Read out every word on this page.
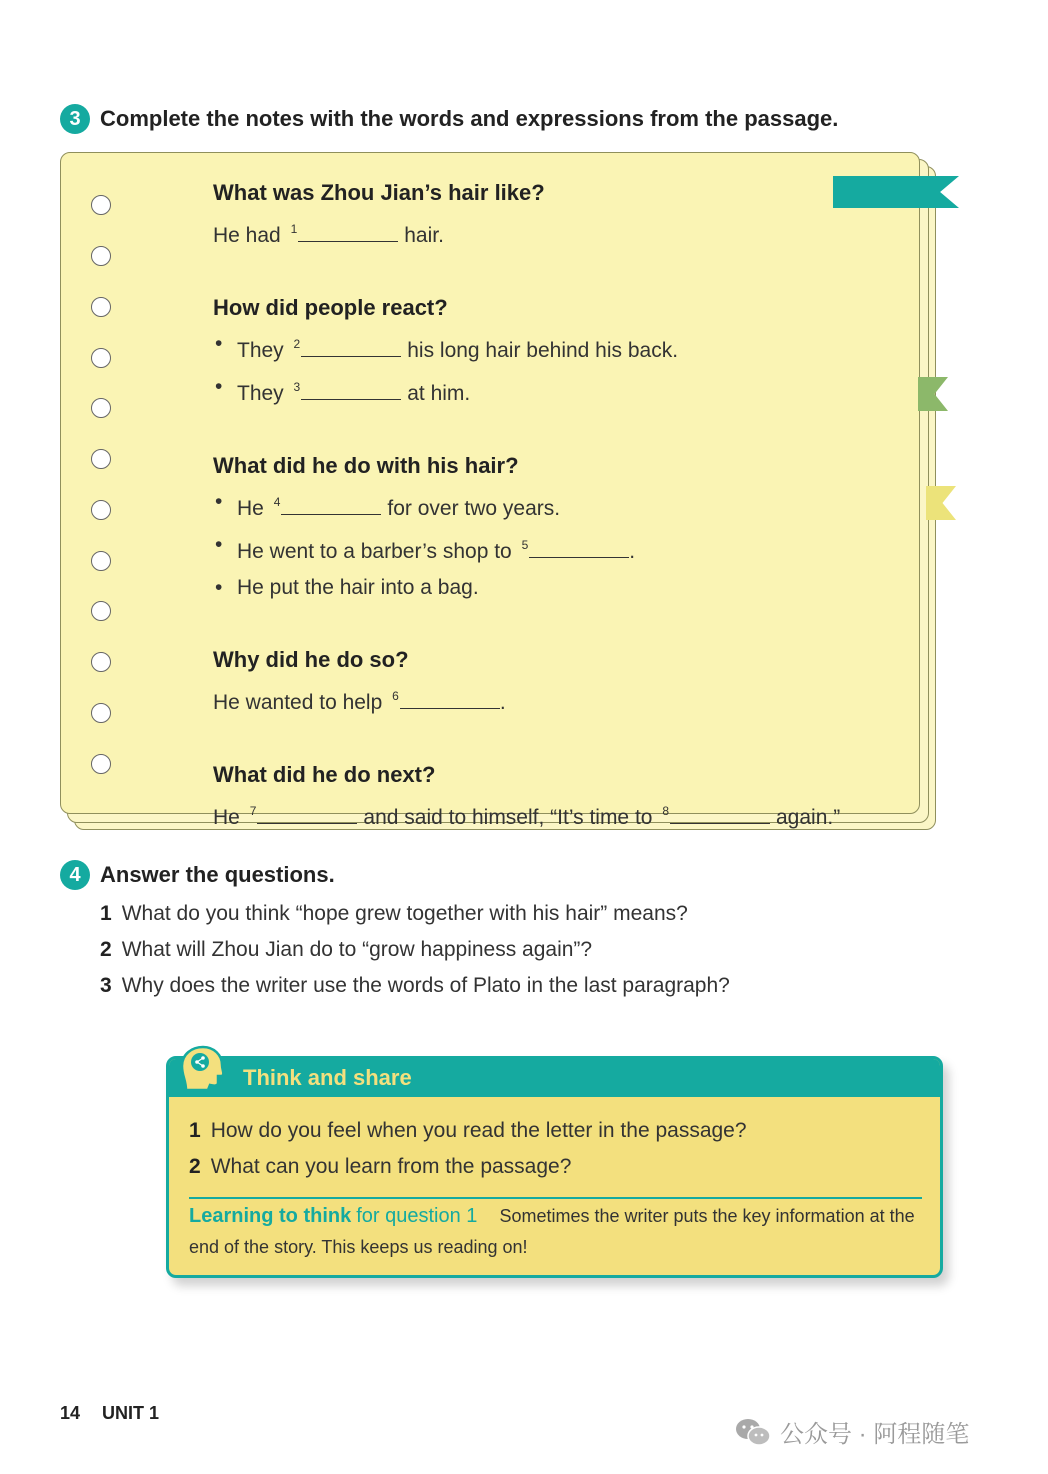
3 Complete the notes with the words and expressions from the passage.
What was Zhou Jian’s hair like?
He had $^1$	hair.
How did people react?
• They $^2$	his long hair behind his back.
• They $^3$	at him.
What did he do with his hair?
• He $^4$	for over two years.
• He went to a barber’s shop to $^5$	.
• He put the hair into a bag.
Why did he do so?
He wanted to help $^6$	.
What did he do next?
He $^7$	and said to himself, “It’s time to $^8$	again.”
4 Answer the questions.
1 What do you think “hope grew together with his hair” means?
2 What will Zhou Jian do to “grow happiness again”?
3 Why does the writer use the words of Plato in the last paragraph?
Think and share
1 How do you feel when you read the letter in the passage?
2 What can you learn from the passage?
Learning to think for question 1 Sometimes the writer puts the key information at the end of the story. This keeps us reading on!
14 UNIT 1
公众号 · 阿程随笔
